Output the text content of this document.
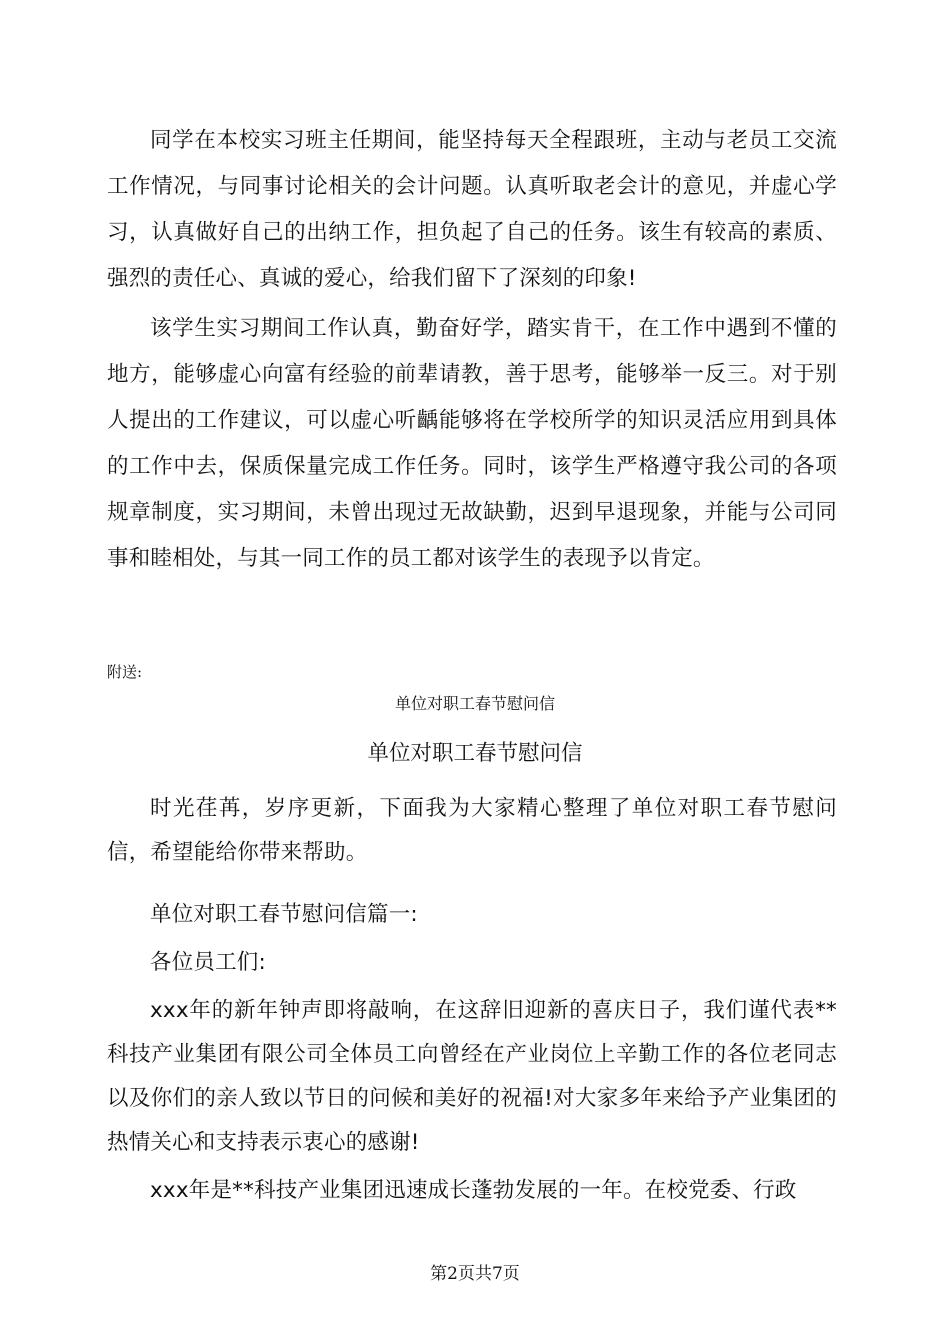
同学在本校实习班主任期间，能坚持每天全程跟班，主动与老员工交流工作情况，与同事讨论相关的会计问题。认真听取老会计的意见，并虚心学习，认真做好自己的出纳工作，担负起了自己的任务。该生有较高的素质、强烈的责任心、真诚的爱心，给我们留下了深刻的印象!

该学生实习期间工作认真，勤奋好学，踏实肯干，在工作中遇到不懂的地方，能够虚心向富有经验的前辈请教，善于思考，能够举一反三。对于别人提出的工作建议，可以虚心听齲能够将在学校所学的知识灵活应用到具体的工作中去，保质保量完成工作任务。同时，该学生严格遵守我公司的各项规章制度，实习期间，未曾出现过无故缺勤，迟到早退现象，并能与公司同事和睦相处，与其一同工作的员工都对该学生的表现予以肯定。

附送:
单位对职工春节慰问信
单位对职工春节慰问信

时光荏苒，岁序更新，下面我为大家精心整理了单位对职工春节慰问信，希望能给你带来帮助。

单位对职工春节慰问信篇一:

各位员工们:

xxx年的新年钟声即将敲响，在这辞旧迎新的喜庆日子，我们谨代表**科技产业集团有限公司全体员工向曾经在产业岗位上辛勤工作的各位老同志以及你们的亲人致以节日的问候和美好的祝福!对大家多年来给予产业集团的热情关心和支持表示衷心的感谢!

xxx年是**科技产业集团迅速成长蓬勃发展的一年。在校党委、行政

第2页共7页
